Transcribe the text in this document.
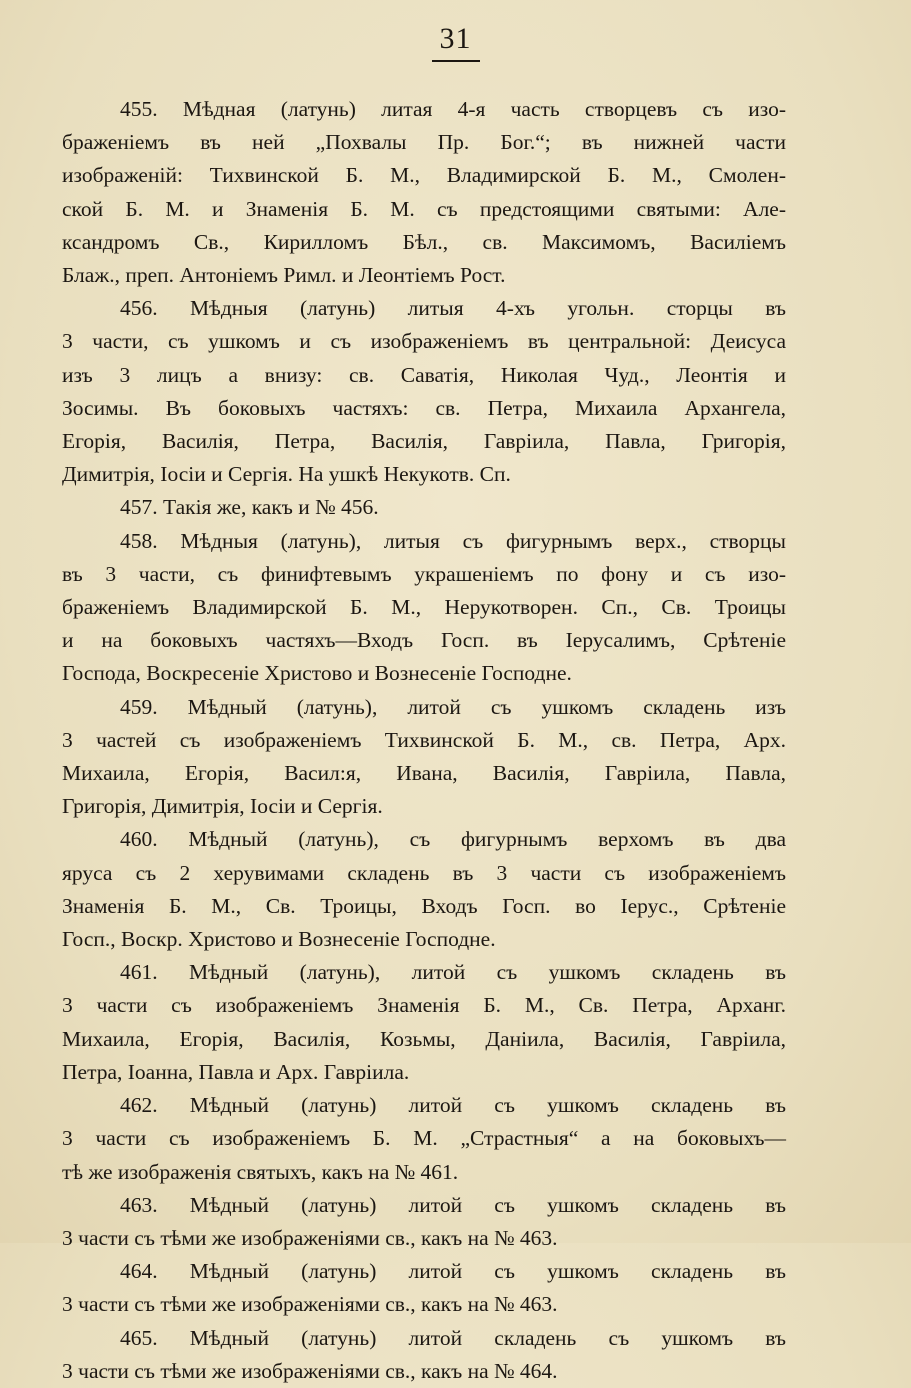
31

455. Мѣдная (латунь) литая 4-я часть створцевъ съ изо-
браженіемъ въ ней „Похвалы Пр. Бог.“; въ нижней части
изображеній: Тихвинской Б. М., Владимирской Б. М., Смолен-
ской Б. М. и Знаменія Б. М. съ предстоящими святыми: Але-
ксандромъ Св., Кирилломъ Бѣл., св. Максимомъ, Василіемъ
Блаж., преп. Антоніемъ Римл. и Леонтіемъ Рост.

456. Мѣдныя (латунь) литыя 4-хъ угольн. сторцы въ
3 части, съ ушкомъ и съ изображеніемъ въ центральной: Деисуса
изъ 3 лицъ а внизу: св. Саватія, Николая Чуд., Леонтія и
Зосимы. Въ боковыхъ частяхъ: св. Петра, Михаила Архангела,
Егорія, Василія, Петра, Василія, Гавріила, Павла, Григорія,
Димитрія, Іосіи и Сергія. На ушкѣ Некукотв. Сп.

457. Такія же, какъ и № 456.

458. Мѣдныя (латунь), литыя съ фигурнымъ верх., створцы
въ 3 части, съ финифтевымъ украшеніемъ по фону и съ изо-
браженіемъ Владимирской Б. М., Нерукотворен. Сп., Св. Троицы
и на боковыхъ частяхъ—Входъ Госп. въ Іерусалимъ, Срѣтеніе
Господа, Воскресеніе Христово и Вознесеніе Господне.

459. Мѣдный (латунь), литой съ ушкомъ складень изъ
3 частей съ изображеніемъ Тихвинской Б. М., св. Петра, Арх.
Михаила, Егорія, Васил:я, Ивана, Василія, Гавріила, Павла,
Григорія, Димитрія, Іосіи и Сергія.

460. Мѣдный (латунь), съ фигурнымъ верхомъ въ два
яруса съ 2 херувимами складень въ 3 части съ изображеніемъ
Знаменія Б. М., Св. Троицы, Входъ Госп. во Іерус., Срѣтеніе
Госп., Воскр. Христово и Вознесеніе Господне.

461. Мѣдный (латунь), литой съ ушкомъ складень въ
3 части съ изображеніемъ Знаменія Б. М., Св. Петра, Арханг.
Михаила, Егорія, Василія, Козьмы, Даніила, Василія, Гавріила,
Петра, Іоанна, Павла и Арх. Гавріила.

462. Мѣдный (латунь) литой съ ушкомъ складень въ
3 части съ изображеніемъ Б. М. „Страстныя“ а на боковыхъ—
тѣ же изображенія святыхъ, какъ на № 461.

463. Мѣдный (латунь) литой съ ушкомъ складень въ
3 части съ тѣми же изображеніями св., какъ на № 463.

464. Мѣдный (латунь) литой съ ушкомъ складень въ
3 части съ тѣми же изображеніями св., какъ на № 463.

465. Мѣдный (латунь) литой складень съ ушкомъ въ
3 части съ тѣми же изображеніями св., какъ на № 464.
